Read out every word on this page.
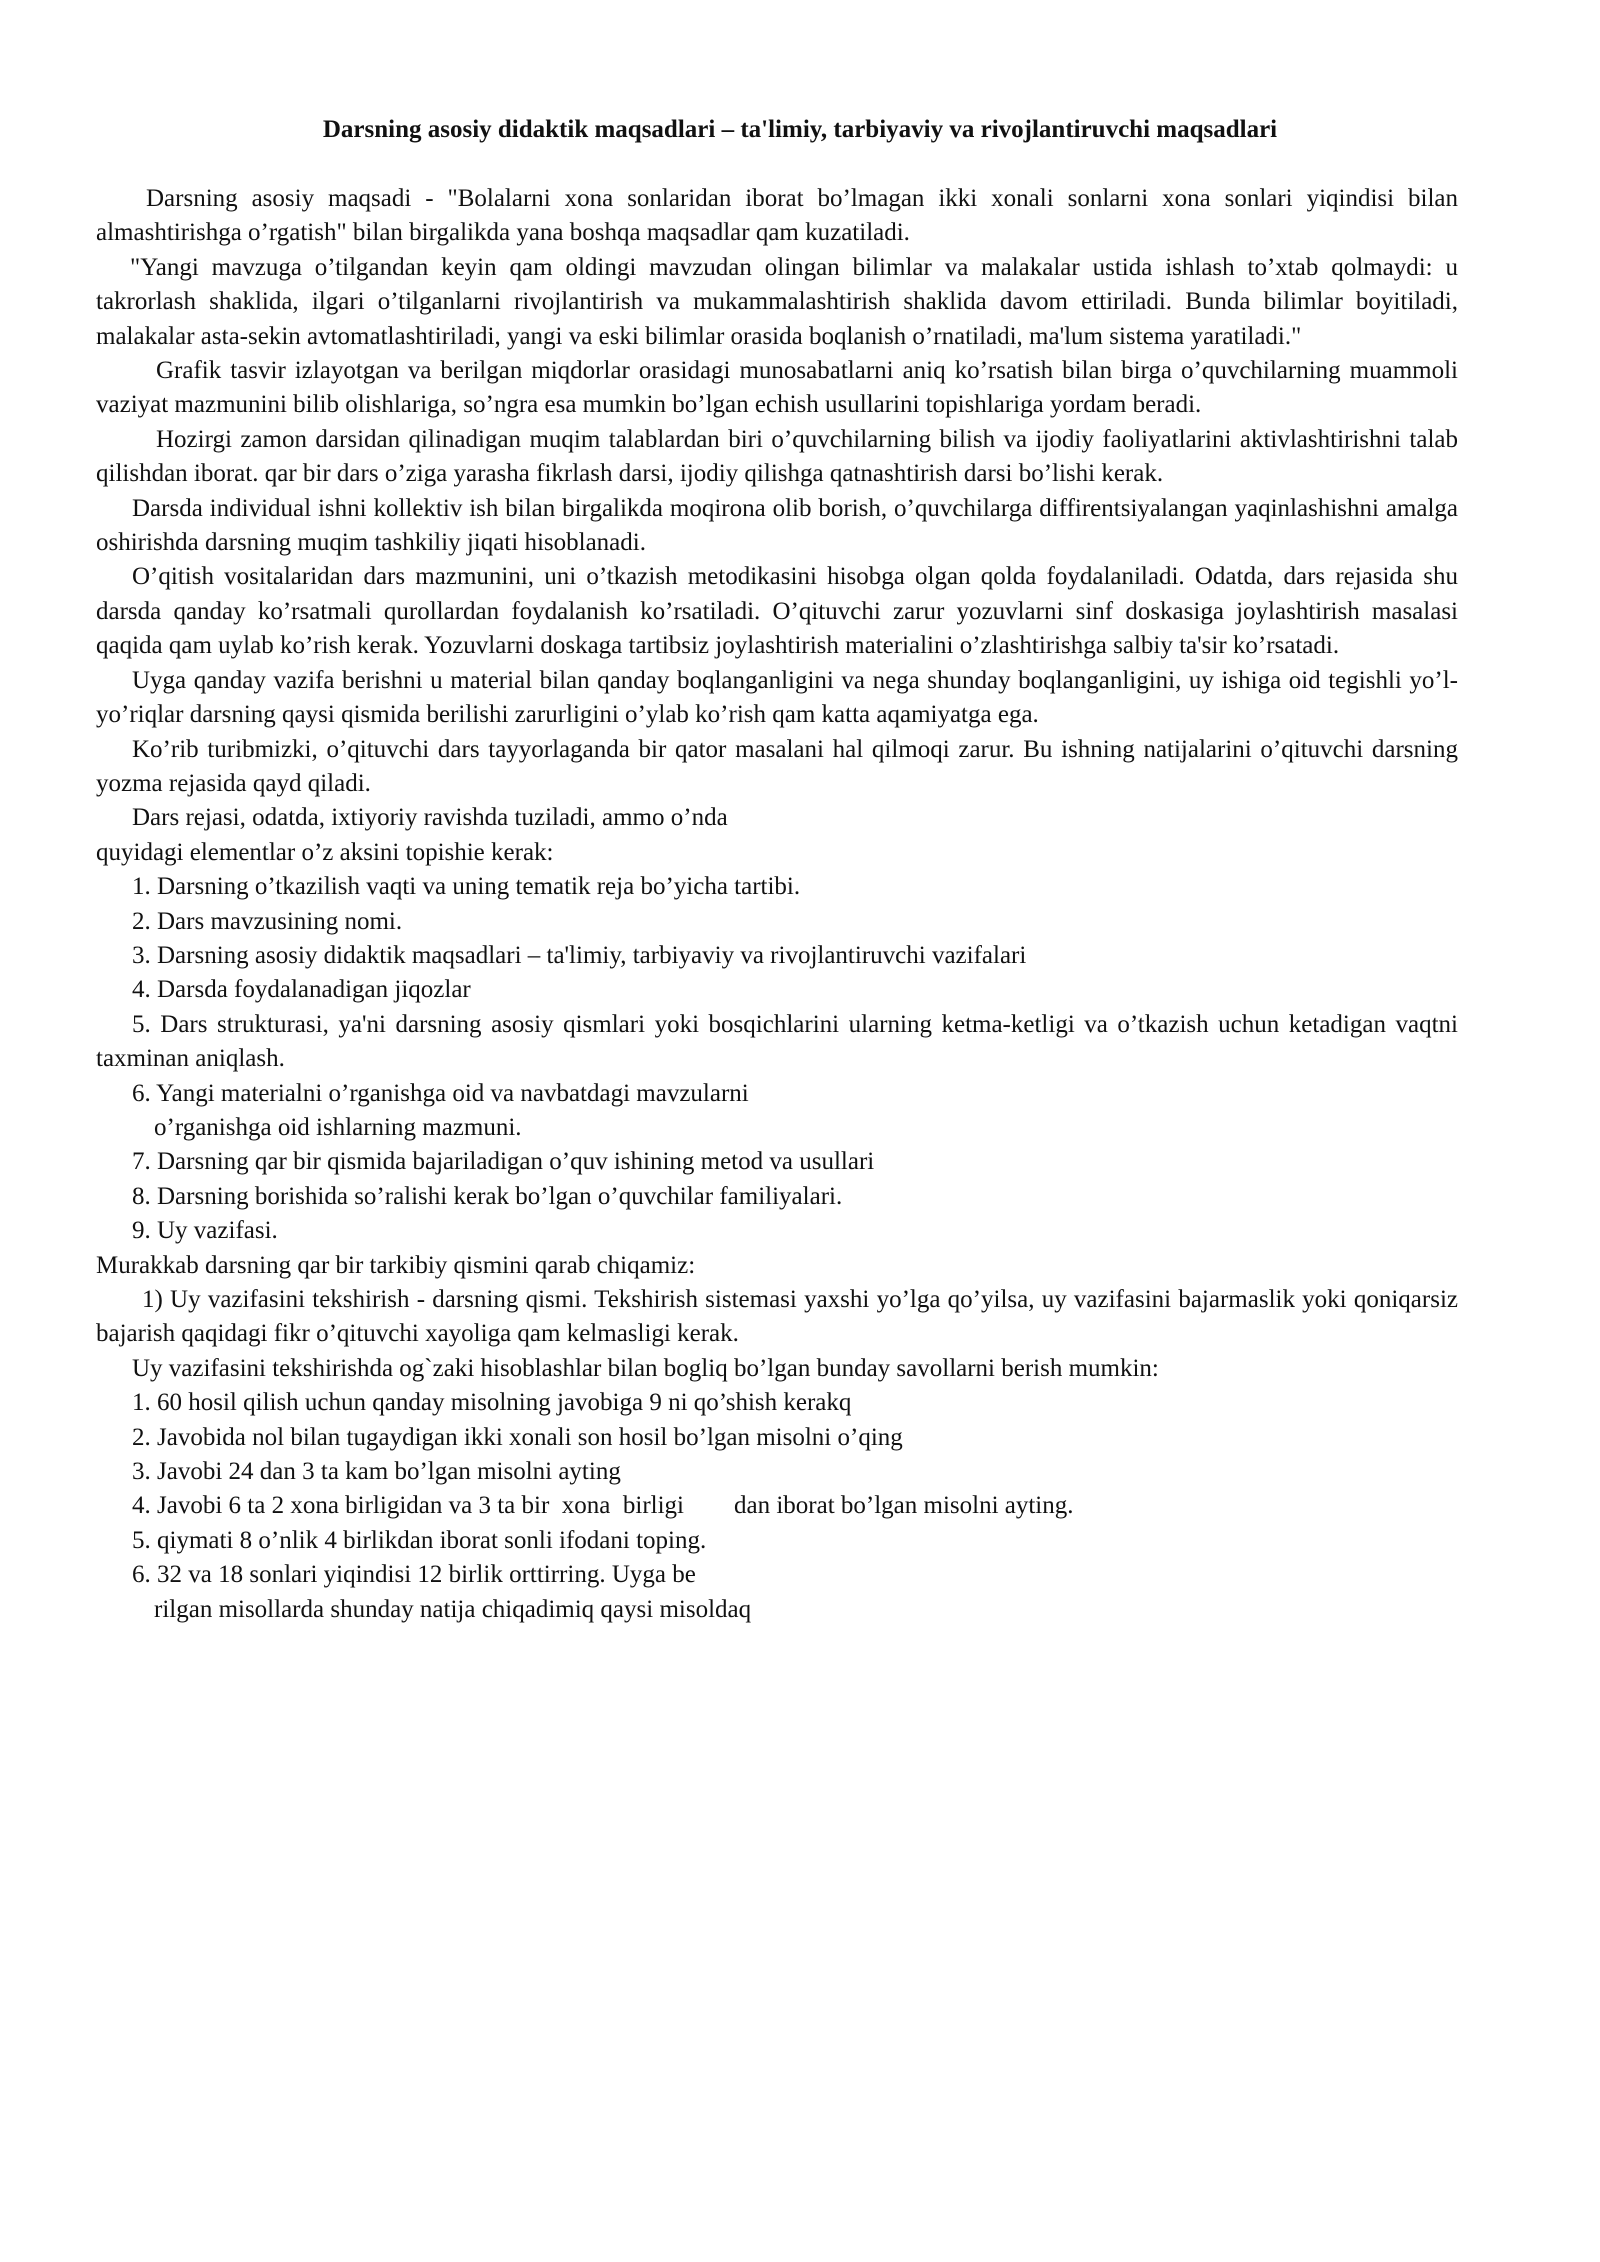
Darsning asosiy didaktik maqsadlari – ta'limiy, tarbiyaviy va rivojlantiruvchi maqsadlari

Darsning asosiy maqsadi - "Bolalarni xona sonlaridan iborat bo’lmagan ikki xonali sonlarni xona sonlari yiqindisi bilan almashtirishga o’rgatish" bilan birgalikda yana boshqa maqsadlar qam kuzatiladi.

"Yangi mavzuga o’tilgandan keyin qam oldingi mavzudan olingan bilimlar va malakalar ustida ishlash to’xtab qolmaydi: u takrorlash shaklida, ilgari o’tilganlarni rivojlantirish va mukammalashtirish shaklida davom ettiriladi. Bunda bilimlar boyitiladi, malakalar asta-sekin avtomatlashtiriladi, yangi va eski bilimlar orasida boqlanish o’rnatiladi, ma'lum sistema yaratiladi."

Grafik tasvir izlayotgan va berilgan miqdorlar orasidagi munosabatlarni aniq ko’rsatish bilan birga o’quvchilarning muammoli vaziyat mazmunini bilib olishlariga, so’ngra esa mumkin bo’lgan echish usullarini topishlariga yordam beradi.

Hozirgi zamon darsidan qilinadigan muqim talablardan biri o’quvchilarning bilish va ijodiy faoliyatlarini aktivlashtirishni talab qilishdan iborat. qar bir dars o’ziga yarasha fikrlash darsi, ijodiy qilishga qatnashtirish darsi bo’lishi kerak.

Darsda individual ishni kollektiv ish bilan birgalikda moqirona olib borish, o’quvchilarga diffirentsiyalangan yaqinlashishni amalga oshirishda darsning muqim tashkiliy jiqati hisoblanadi.

O’qitish vositalaridan dars mazmunini, uni o’tkazish metodikasini hisobga olgan qolda foydalaniladi. Odatda, dars rejasida shu darsda qanday ko’rsatmali qurollardan foydalanish ko’rsatiladi. O’qituvchi zarur yozuvlarni sinf doskasiga joylashtirish masalasi qaqida qam uylab ko’rish kerak. Yozuvlarni doskaga tartibsiz joylashtirish materialini o’zlashtirishga salbiy ta'sir ko’rsatadi.

Uyga qanday vazifa berishni u material bilan qanday boqlanganligini va nega shunday boqlanganligini, uy ishiga oid tegishli yo’l-yo’riqlar darsning qaysi qismida berilishi zarurligini o’ylab ko’rish qam katta aqamiyatga ega.

Ko’rib turibmizki, o’qituvchi dars tayyorlaganda bir qator masalani hal qilmoqi zarur. Bu ishning natijalarini o’qituvchi darsning yozma rejasida qayd qiladi.

Dars rejasi, odatda, ixtiyoriy ravishda tuziladi, ammo o’nda

quyidagi elementlar o’z aksini topishie kerak:

1. Darsning o’tkazilish vaqti va uning tematik reja bo’yicha tartibi.

2. Dars mavzusining nomi.

3. Darsning asosiy didaktik maqsadlari – ta'limiy, tarbiyaviy va rivojlantiruvchi vazifalari

4. Darsda foydalanadigan jiqozlar

5. Dars strukturasi, ya'ni darsning asosiy qismlari yoki bosqichlarini ularning ketma-ketligi va o’tkazish uchun ketadigan vaqtni taxminan aniqlash.

6. Yangi materialni o’rganishga oid va navbatdagi mavzularni

o’rganishga oid ishlarning mazmuni.

7. Darsning qar bir qismida bajariladigan o’quv ishining metod va usullari

8. Darsning borishida so’ralishi kerak bo’lgan o’quvchilar familiyalari.

9. Uy vazifasi.

Murakkab darsning qar bir tarkibiy qismini qarab chiqamiz:

1) Uy vazifasini tekshirish - darsning qismi. Tekshirish sistemasi yaxshi yo’lga qo’yilsa, uy vazifasini bajarmaslik yoki qoniqarsiz bajarish qaqidagi fikr o’qituvchi xayoliga qam kelmasligi kerak.

Uy vazifasini tekshirishda og`zaki hisoblashlar bilan bogliq bo’lgan bunday savollarni berish mumkin:

1. 60 hosil qilish uchun qanday misolning javobiga 9 ni qo’shish kerakq

2. Javobida nol bilan tugaydigan ikki xonali son hosil bo’lgan misolni o’qing

3. Javobi 24 dan 3 ta kam bo’lgan misolni ayting

4. Javobi 6 ta 2 xona birligidan va 3 ta bir  xona  birligi        dan iborat bo’lgan misolni ayting.

5. qiymati 8 o’nlik 4 birlikdan iborat sonli ifodani toping.

6. 32 va 18 sonlari yiqindisi 12 birlik orttirring. Uyga be

rilgan misollarda shunday natija chiqadimiq qaysi misoldaq
